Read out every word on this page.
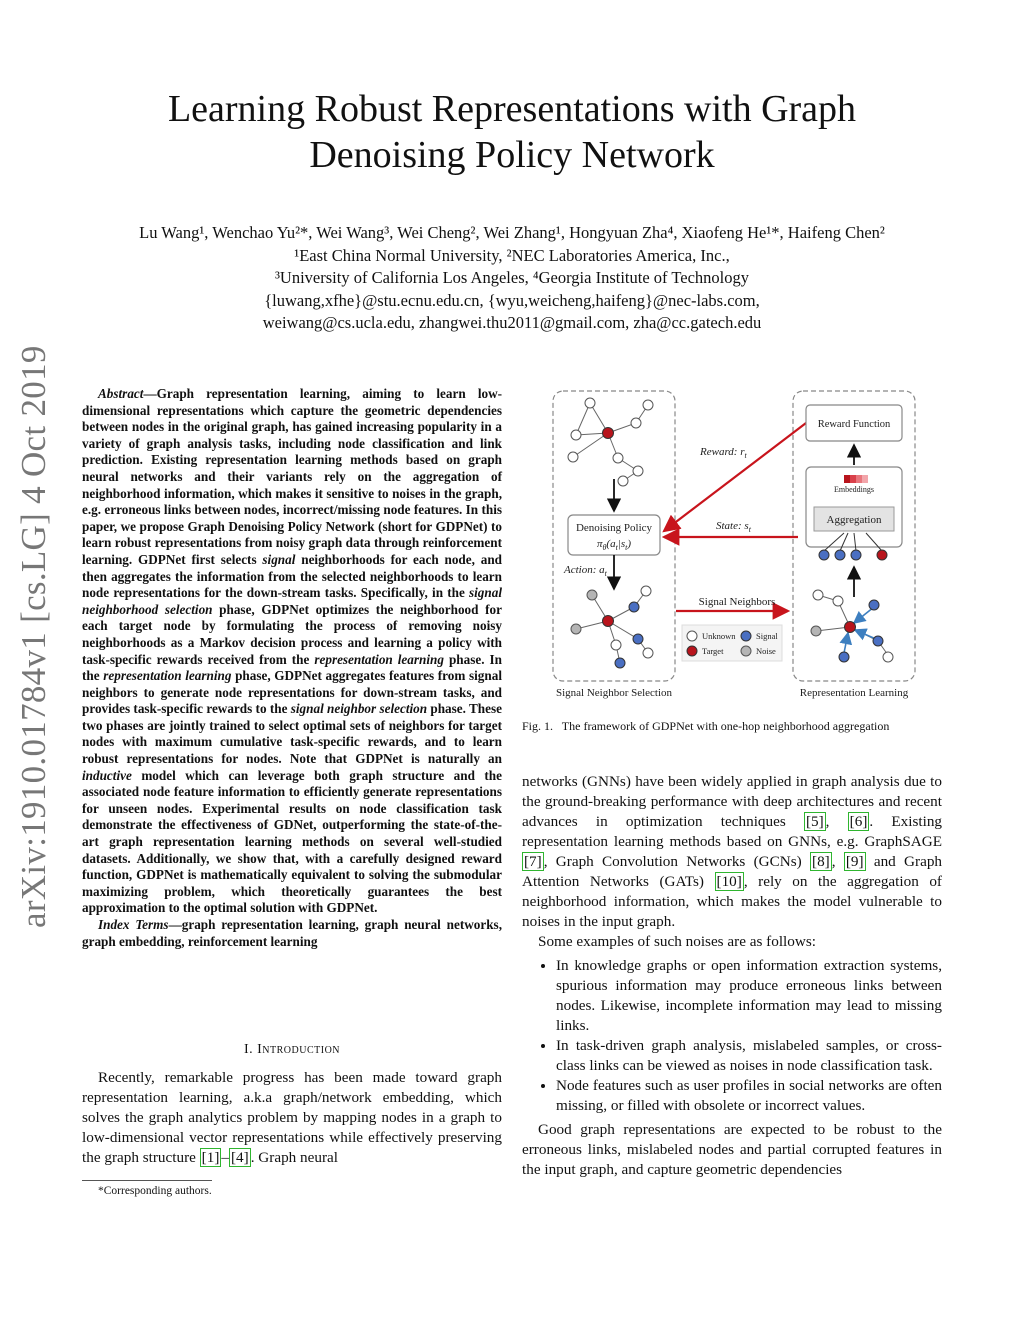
Learning Robust Representations with Graph
Denoising Policy Network
Lu Wang¹, Wenchao Yu²*, Wei Wang³, Wei Cheng², Wei Zhang¹, Hongyuan Zha⁴, Xiaofeng He¹*, Haifeng Chen²
¹East China Normal University, ²NEC Laboratories America, Inc.,
³University of California Los Angeles, ⁴Georgia Institute of Technology
{luwang,xfhe}@stu.ecnu.edu.cn, {wyu,weicheng,haifeng}@nec-labs.com,
weiwang@cs.ucla.edu, zhangwei.thu2011@gmail.com, zha@cc.gatech.edu
arXiv:1910.01784v1 [cs.LG] 4 Oct 2019	Abstract—Graph representation learning, aiming to learn low-dimensional representations which capture the geometric dependencies between nodes in the original graph, has gained increasing popularity in a variety of graph analysis tasks, including node classification and link prediction. Existing representation learning methods based on graph neural networks and their variants rely on the aggregation of neighborhood information, which makes it sensitive to noises in the graph, e.g. erroneous links between nodes, incorrect/missing node features. In this paper, we propose Graph Denoising Policy Network (short for GDPNet) to learn robust representations from noisy graph data through reinforcement learning. GDPNet first selects signal neighborhoods for each node, and then aggregates the information from the selected neighborhoods to learn node representations for the down-stream tasks. Specifically, in the signal neighborhood selection phase, GDPNet optimizes the neighborhood for each target node by formulating the process of removing noisy neighborhoods as a Markov decision process and learning a policy with task-specific rewards received from the representation learning phase. In the representation learning phase, GDPNet aggregates features from signal neighbors to generate node representations for down-stream tasks, and provides task-specific rewards to the signal neighbor selection phase. These two phases are jointly trained to select optimal sets of neighbors for target nodes with maximum cumulative task-specific rewards, and to learn robust representations for nodes. Note that GDPNet is naturally an inductive model which can leverage both graph structure and the associated node feature information to efficiently generate representations for unseen nodes. Experimental results on node classification task demonstrate the effectiveness of GDNet, outperforming the state-of-the-art graph representation learning methods on several well-studied datasets. Additionally, we show that, with a carefully designed reward function, GDPNet is mathematically equivalent to solving the submodular maximizing problem, which theoretically guarantees the best approximation to the optimal solution with GDPNet.

Index Terms—graph representation learning, graph neural networks, graph embedding, reinforcement learning

I. Introduction

Recently, remarkable progress has been made toward graph representation learning, a.k.a graph/network embedding, which solves the graph analytics problem by mapping nodes in a graph to low-dimensional vector representations while effectively preserving the graph structure [1] – [4] . Graph neural

*Corresponding authors.
Denoising Policy
$\pi_\theta(a_t|s_t)$
Action: $a_t$
Reward: $r_t$
State: $s_t$
Signal Neighbors
Unknown Signal
Target	Noise
Reward Function
Embeddings
Aggregation
Signal Neighbor Selection	Representation Learning
Fig. 1.   The framework of GDPNet with one-hop neighborhood aggregation

networks (GNNs) have been widely applied in graph analysis due to the ground-breaking performance with deep architectures and recent advances in optimization techniques [5] , [6] . Existing representation learning methods based on GNNs, e.g. GraphSAGE [7] , Graph Convolution Networks (GCNs) [8] , [9] and Graph Attention Networks (GATs) [10] , rely on the aggregation of neighborhood information, which makes the model vulnerable to noises in the input graph.

Some examples of such noises are as follows:

• In knowledge graphs or open information extraction systems, spurious information may produce erroneous links between nodes. Likewise, incomplete information may lead to missing links.
• In task-driven graph analysis, mislabeled samples, or cross-class links can be viewed as noises in node classification task.
• Node features such as user profiles in social networks are often missing, or filled with obsolete or incorrect values.

Good graph representations are expected to be robust to the erroneous links, mislabeled nodes and partial corrupted features in the input graph, and capture geometric dependencies
